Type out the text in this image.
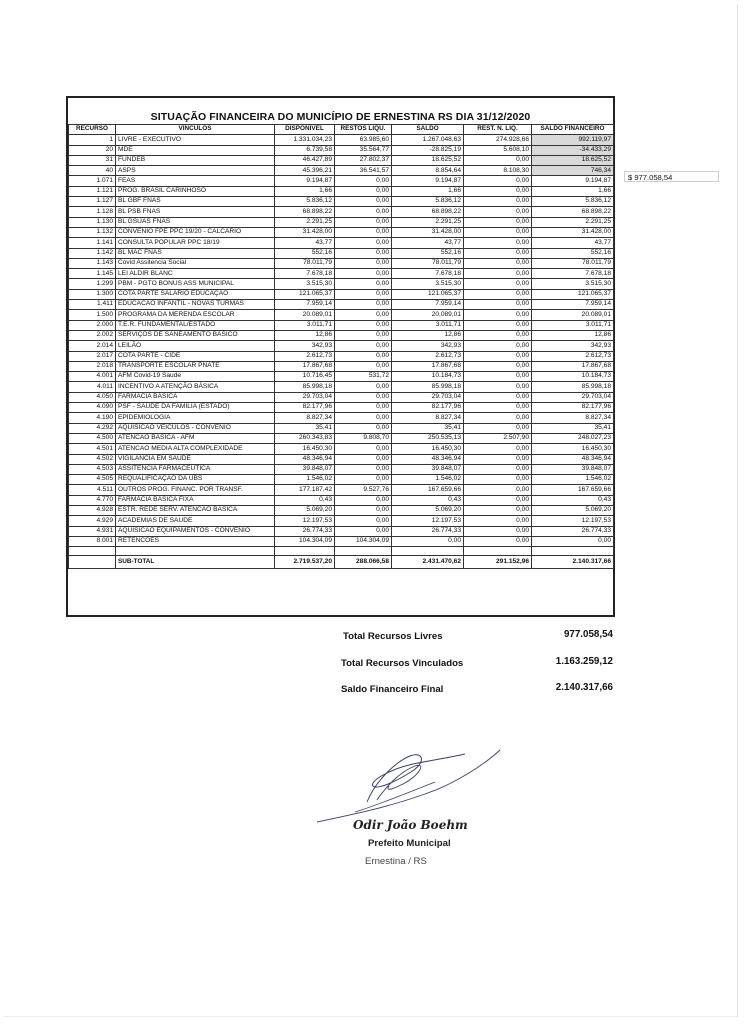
SITUAÇÃO FINANCEIRA DO MUNICÍPIO DE ERNESTINA RS DIA 31/12/2020
RECURSO	VINCULOS	DISPONIVEL	RESTOS LIQU.	SALDO	REST. N. LIQ.	SALDO FINANCEIRO
1	LIVRE - EXECUTIVO	1.331.034,23	63.985,60	1.267.048,63	274.928,66	992.119,97
20	MDE	6.739,58	35.564,77	-28.825,19	5.608,10	-34.433,29
31	FUNDEB	46.427,89	27.802,37	18.625,52	0,00	18.625,52
40	ASPS	45.396,21	36.541,57	8.854,64	8.108,30	746,34
1.071	FEAS	9.194,87	0,00	9.194,87	0,00	9.194,87
1.121	PROG. BRASIL CARINHOSO	1,66	0,00	1,66	0,00	1,66
1.127	BL GBF FNAS	5.836,12	0,00	5.836,12	0,00	5.836,12
1.128	BL PSB FNAS	68.898,22	0,00	68.898,22	0,00	68.898,22
1.130	BL GSUAS FNAS	2.291,25	0,00	2.291,25	0,00	2.291,25
1.132	CONVENIO FPE PPC 19/20 - CALCARIO	31.428,00	0,00	31.428,00	0,00	31.428,00
1.141	CONSULTA POPULAR PPC 18/19	43,77	0,00	43,77	0,00	43,77
1.142	BL MAC FNAS	552,16	0,00	552,16	0,00	552,16
1.143	Covid Assitencia Social	78.011,79	0,00	78.011,79	0,00	78.011,79
1.145	LEI ALDIR BLANC	7.678,18	0,00	7.678,18	0,00	7.678,18
1.299	PBM - PGTO BONUS ASS MUNICIPAL	3.515,30	0,00	3.515,30	0,00	3.515,30
1.300	COTA PARTE SALARIO EDUCAÇÃO	121.065,37	0,00	121.065,37	0,00	121.065,37
1.411	EDUCACAO INFANTIL - NOVAS TURMAS	7.959,14	0,00	7.959,14	0,00	7.959,14
1.500	PROGRAMA DA MERENDA ESCOLAR	20.089,01	0,00	20.089,01	0,00	20.089,01
2.000	T.E.R. FUNDAMENTAL/ESTADO	3.011,71	0,00	3.011,71	0,00	3.011,71
2.002	SERVIÇOS DE SANEAMENTO BÁSICO	12,86	0,00	12,86	0,00	12,86
2.014	LEILÃO	342,93	0,00	342,93	0,00	342,93
2.017	COTA PARTE - CIDE	2.612,73	0,00	2.612,73	0,00	2.612,73
2.018	TRANSPORTE ESCOLAR PNATE	17.867,68	0,00	17.867,68	0,00	17.867,68
4.001	AFM Covid-19 Saude	10.716,45	531,72	10.184,73	0,00	10.184,73
4.011	INCENTIVO A ATENÇÃO BÁSICA	85.998,18	0,00	85.998,18	0,00	85.998,18
4.050	FARMACIA BÁSICA	29.703,04	0,00	29.703,04	0,00	29.703,04
4.090	PSF - SAÚDE DA FAMILIA (ESTADO)	82.177,96	0,00	82.177,96	0,00	82.177,96
4.190	EPIDEMIOLOGIA	8.827,34	0,00	8.827,34	0,00	8.827,34
4.292	AQUISICAO VEICULOS - CONVENIO	35,41	0,00	35,41	0,00	35,41
4.500	ATENCAO BASICA - AFM	260.343,83	9.808,70	250.535,13	2.507,90	248.027,23
4.501	ATENCAO MEDIA ALTA COMPLEXIDADE	16.450,30	0,00	16.450,30	0,00	16.450,30
4.502	VIGILANCIA EM SAUDE	48.346,94	0,00	48.346,94	0,00	48.346,94
4.503	ASSITENCIA FARMACEUTICA	39.848,07	0,00	39.848,07	0,00	39.848,07
4.505	REQUALIFICAÇÃO DA UBS	1.546,02	0,00	1.546,02	0,00	1.546,02
4.511	OUTROS PROG. FINANC. POR TRANSF.	177.187,42	9.527,76	167.659,66	0,00	167.659,66
4.770	FARMÁCIA BÁSICA FIXA	0,43	0,00	0,43	0,00	0,43
4.928	ESTR. REDE SERV. ATENCAO BASICA	5.069,20	0,00	5.069,20	0,00	5.069,20
4.929	ACADEMIAS DE SAUDE	12.197,53	0,00	12.197,53	0,00	12.197,53
4.931	AQUISICAO EQUIPAMENTOS - CONVENIO	26.774,33	0,00	26.774,33	0,00	26.774,33
8.001	RETENCOES	104.304,09	104.304,09	0,00	0,00	0,00

	SUB-TOTAL	2.719.537,20	288.066,58	2.431.470,62	291.152,96	2.140.317,66
$ 977.058,54
Total Recursos Livres	977.058,54
Total Recursos Vinculados	1.163.259,12
Saldo Financeiro Final	2.140.317,66
Odir João Boehm
Prefeito Municipal
Ernestina / RS
